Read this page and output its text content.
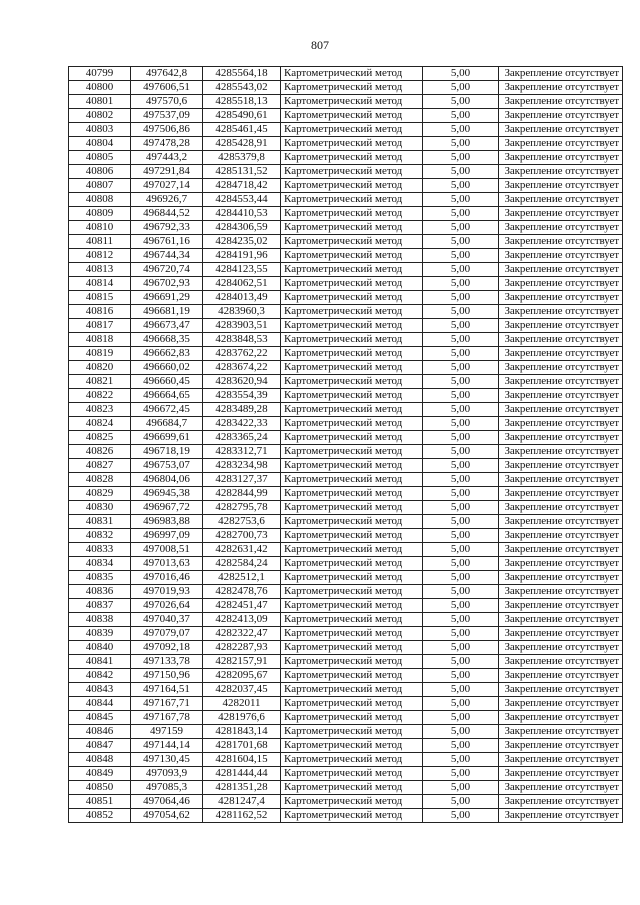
807
40799	497642,8	4285564,18	Картометрический метод	5,00	Закрепление отсутствует
40800	497606,51	4285543,02	Картометрический метод	5,00	Закрепление отсутствует
40801	497570,6	4285518,13	Картометрический метод	5,00	Закрепление отсутствует
40802	497537,09	4285490,61	Картометрический метод	5,00	Закрепление отсутствует
40803	497506,86	4285461,45	Картометрический метод	5,00	Закрепление отсутствует
40804	497478,28	4285428,91	Картометрический метод	5,00	Закрепление отсутствует
40805	497443,2	4285379,8	Картометрический метод	5,00	Закрепление отсутствует
40806	497291,84	4285131,52	Картометрический метод	5,00	Закрепление отсутствует
40807	497027,14	4284718,42	Картометрический метод	5,00	Закрепление отсутствует
40808	496926,7	4284553,44	Картометрический метод	5,00	Закрепление отсутствует
40809	496844,52	4284410,53	Картометрический метод	5,00	Закрепление отсутствует
40810	496792,33	4284306,59	Картометрический метод	5,00	Закрепление отсутствует
40811	496761,16	4284235,02	Картометрический метод	5,00	Закрепление отсутствует
40812	496744,34	4284191,96	Картометрический метод	5,00	Закрепление отсутствует
40813	496720,74	4284123,55	Картометрический метод	5,00	Закрепление отсутствует
40814	496702,93	4284062,51	Картометрический метод	5,00	Закрепление отсутствует
40815	496691,29	4284013,49	Картометрический метод	5,00	Закрепление отсутствует
40816	496681,19	4283960,3	Картометрический метод	5,00	Закрепление отсутствует
40817	496673,47	4283903,51	Картометрический метод	5,00	Закрепление отсутствует
40818	496668,35	4283848,53	Картометрический метод	5,00	Закрепление отсутствует
40819	496662,83	4283762,22	Картометрический метод	5,00	Закрепление отсутствует
40820	496660,02	4283674,22	Картометрический метод	5,00	Закрепление отсутствует
40821	496660,45	4283620,94	Картометрический метод	5,00	Закрепление отсутствует
40822	496664,65	4283554,39	Картометрический метод	5,00	Закрепление отсутствует
40823	496672,45	4283489,28	Картометрический метод	5,00	Закрепление отсутствует
40824	496684,7	4283422,33	Картометрический метод	5,00	Закрепление отсутствует
40825	496699,61	4283365,24	Картометрический метод	5,00	Закрепление отсутствует
40826	496718,19	4283312,71	Картометрический метод	5,00	Закрепление отсутствует
40827	496753,07	4283234,98	Картометрический метод	5,00	Закрепление отсутствует
40828	496804,06	4283127,37	Картометрический метод	5,00	Закрепление отсутствует
40829	496945,38	4282844,99	Картометрический метод	5,00	Закрепление отсутствует
40830	496967,72	4282795,78	Картометрический метод	5,00	Закрепление отсутствует
40831	496983,88	4282753,6	Картометрический метод	5,00	Закрепление отсутствует
40832	496997,09	4282700,73	Картометрический метод	5,00	Закрепление отсутствует
40833	497008,51	4282631,42	Картометрический метод	5,00	Закрепление отсутствует
40834	497013,63	4282584,24	Картометрический метод	5,00	Закрепление отсутствует
40835	497016,46	4282512,1	Картометрический метод	5,00	Закрепление отсутствует
40836	497019,93	4282478,76	Картометрический метод	5,00	Закрепление отсутствует
40837	497026,64	4282451,47	Картометрический метод	5,00	Закрепление отсутствует
40838	497040,37	4282413,09	Картометрический метод	5,00	Закрепление отсутствует
40839	497079,07	4282322,47	Картометрический метод	5,00	Закрепление отсутствует
40840	497092,18	4282287,93	Картометрический метод	5,00	Закрепление отсутствует
40841	497133,78	4282157,91	Картометрический метод	5,00	Закрепление отсутствует
40842	497150,96	4282095,67	Картометрический метод	5,00	Закрепление отсутствует
40843	497164,51	4282037,45	Картометрический метод	5,00	Закрепление отсутствует
40844	497167,71	4282011	Картометрический метод	5,00	Закрепление отсутствует
40845	497167,78	4281976,6	Картометрический метод	5,00	Закрепление отсутствует
40846	497159	4281843,14	Картометрический метод	5,00	Закрепление отсутствует
40847	497144,14	4281701,68	Картометрический метод	5,00	Закрепление отсутствует
40848	497130,45	4281604,15	Картометрический метод	5,00	Закрепление отсутствует
40849	497093,9	4281444,44	Картометрический метод	5,00	Закрепление отсутствует
40850	497085,3	4281351,28	Картометрический метод	5,00	Закрепление отсутствует
40851	497064,46	4281247,4	Картометрический метод	5,00	Закрепление отсутствует
40852	497054,62	4281162,52	Картометрический метод	5,00	Закрепление отсутствует
